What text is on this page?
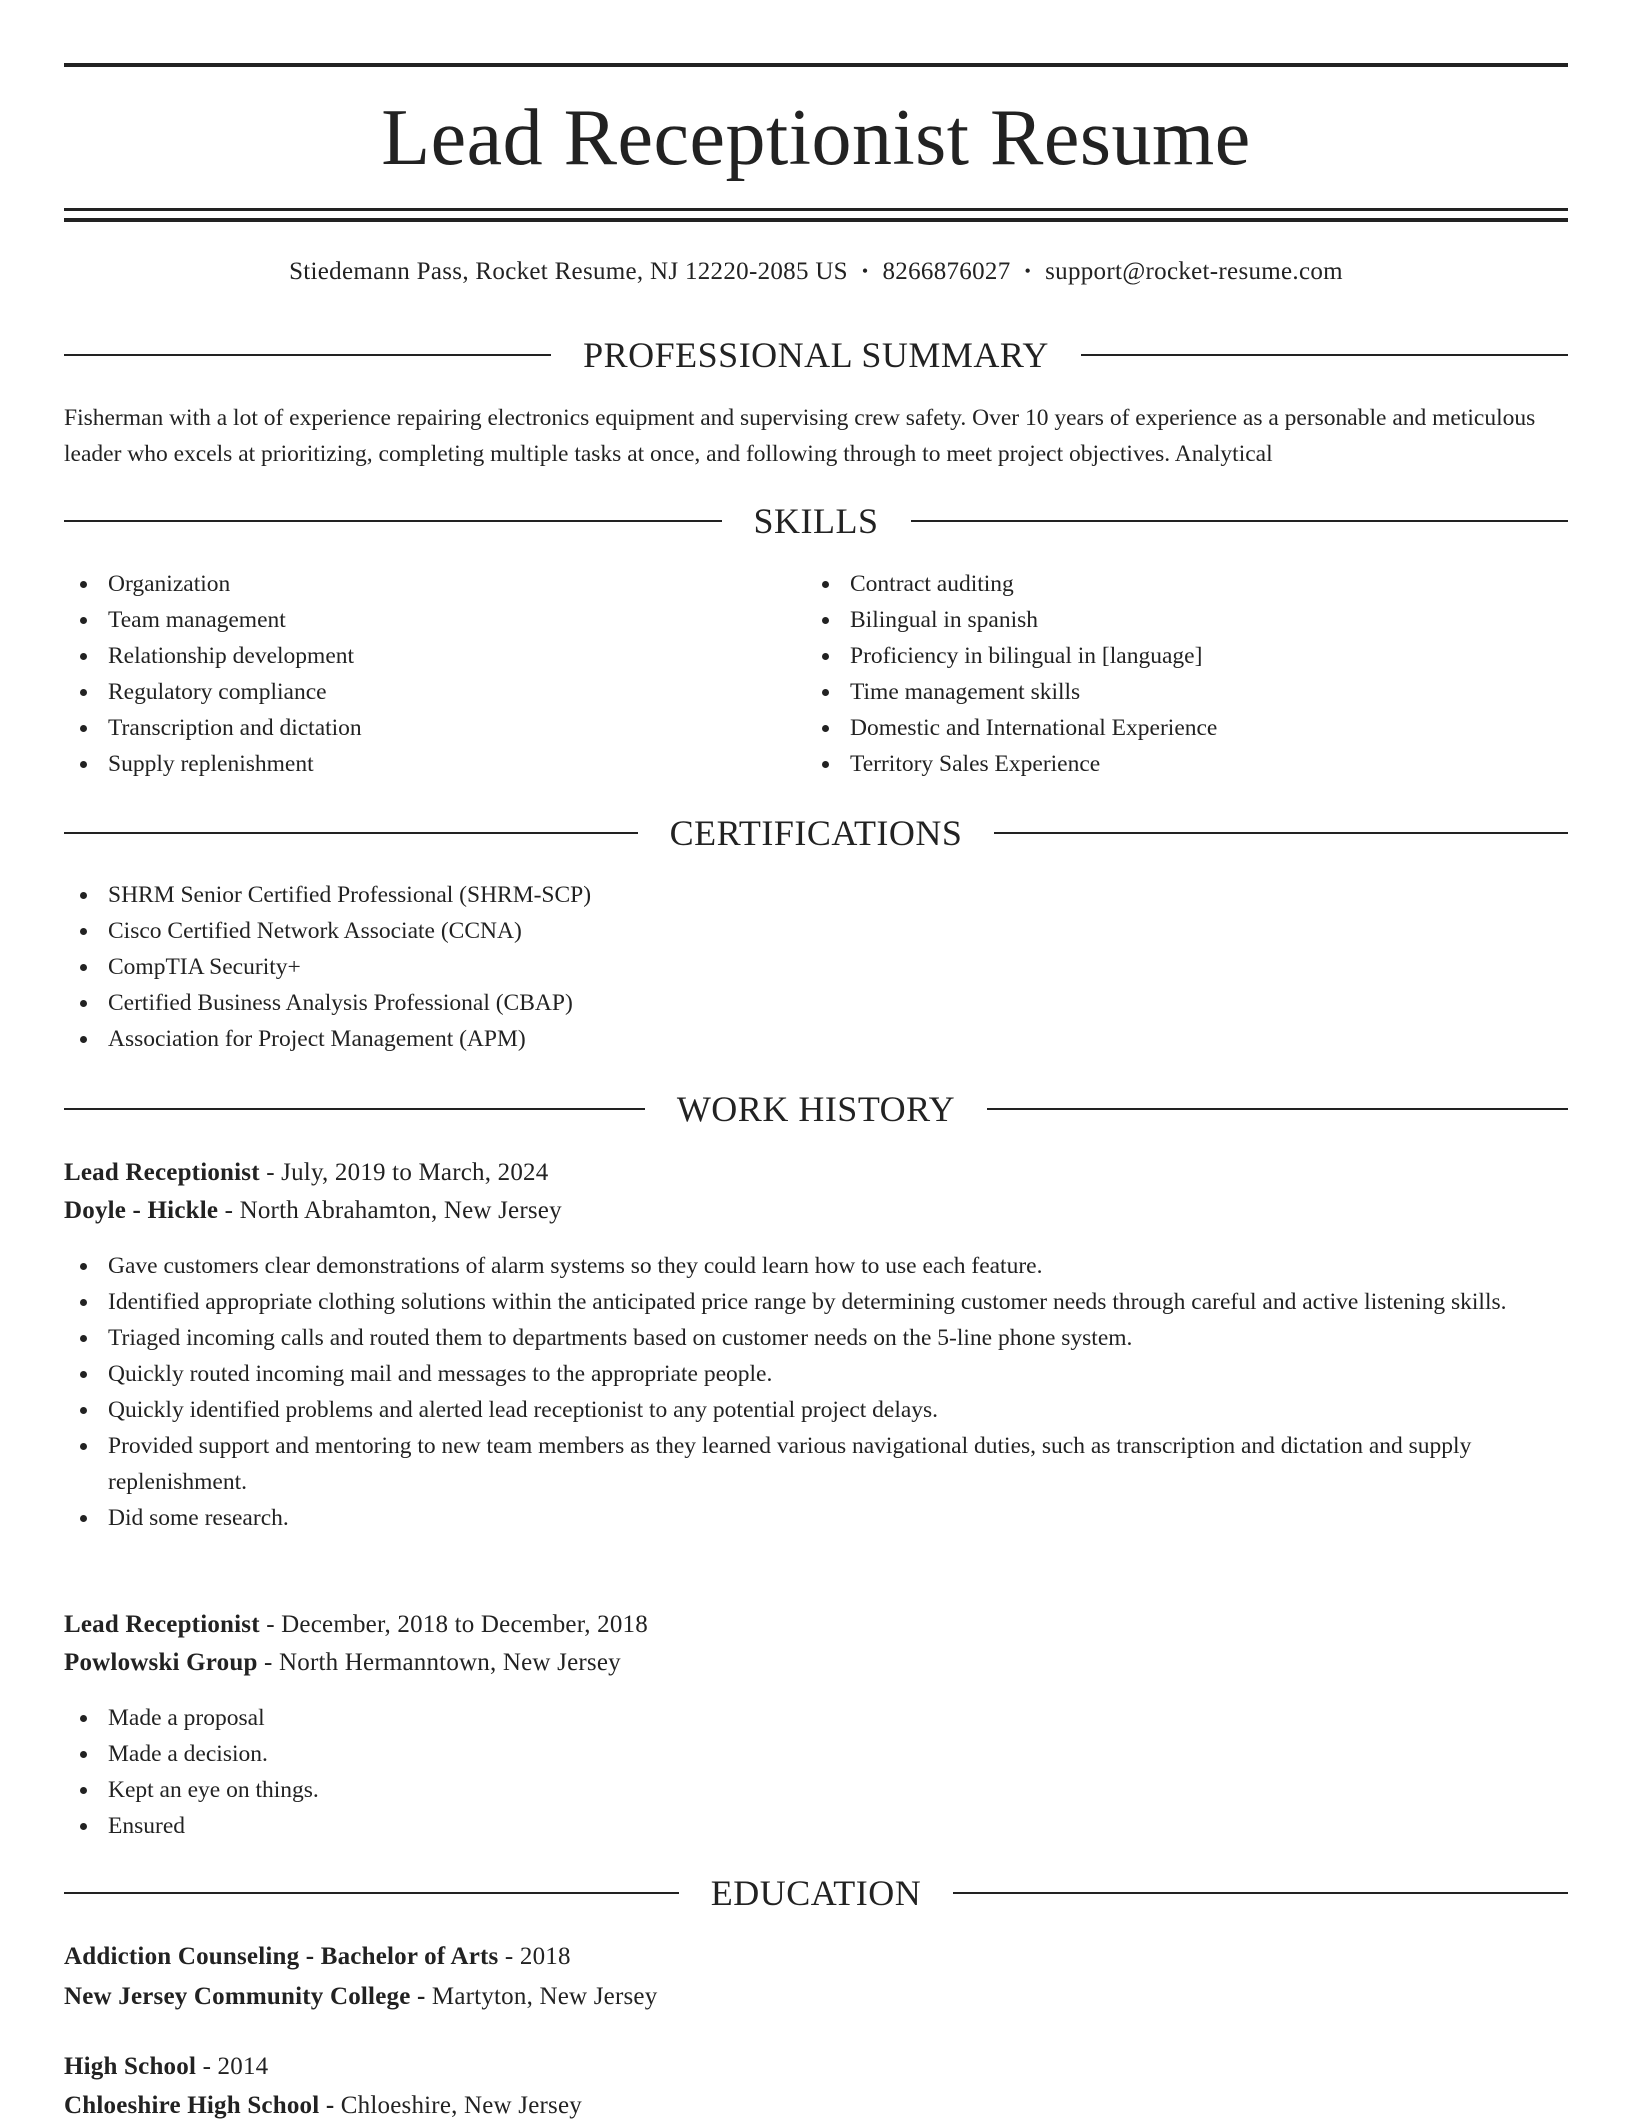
Lead Receptionist Resume
Stiedemann Pass, Rocket Resume, NJ 12220-2085 US • 8266876027 • support@rocket-resume.com
PROFESSIONAL SUMMARY
Fisherman with a lot of experience repairing electronics equipment and supervising crew safety. Over 10 years of experience as a personable and meticulous leader who excels at prioritizing, completing multiple tasks at once, and following through to meet project objectives. Analytical
SKILLS
Organization
Team management
Relationship development
Regulatory compliance
Transcription and dictation
Supply replenishment
Contract auditing
Bilingual in spanish
Proficiency in bilingual in [language]
Time management skills
Domestic and International Experience
Territory Sales Experience
CERTIFICATIONS
SHRM Senior Certified Professional (SHRM-SCP)
Cisco Certified Network Associate (CCNA)
CompTIA Security+
Certified Business Analysis Professional (CBAP)
Association for Project Management (APM)
WORK HISTORY
Lead Receptionist - July, 2019 to March, 2024
Doyle - Hickle - North Abrahamton, New Jersey
Gave customers clear demonstrations of alarm systems so they could learn how to use each feature.
Identified appropriate clothing solutions within the anticipated price range by determining customer needs through careful and active listening skills.
Triaged incoming calls and routed them to departments based on customer needs on the 5-line phone system.
Quickly routed incoming mail and messages to the appropriate people.
Quickly identified problems and alerted lead receptionist to any potential project delays.
Provided support and mentoring to new team members as they learned various navigational duties, such as transcription and dictation and supply replenishment.
Did some research.
Lead Receptionist - December, 2018 to December, 2018
Powlowski Group - North Hermanntown, New Jersey
Made a proposal
Made a decision.
Kept an eye on things.
Ensured
EDUCATION
Addiction Counseling - Bachelor of Arts - 2018
New Jersey Community College - Martyton, New Jersey
High School - 2014
Chloeshire High School - Chloeshire, New Jersey
